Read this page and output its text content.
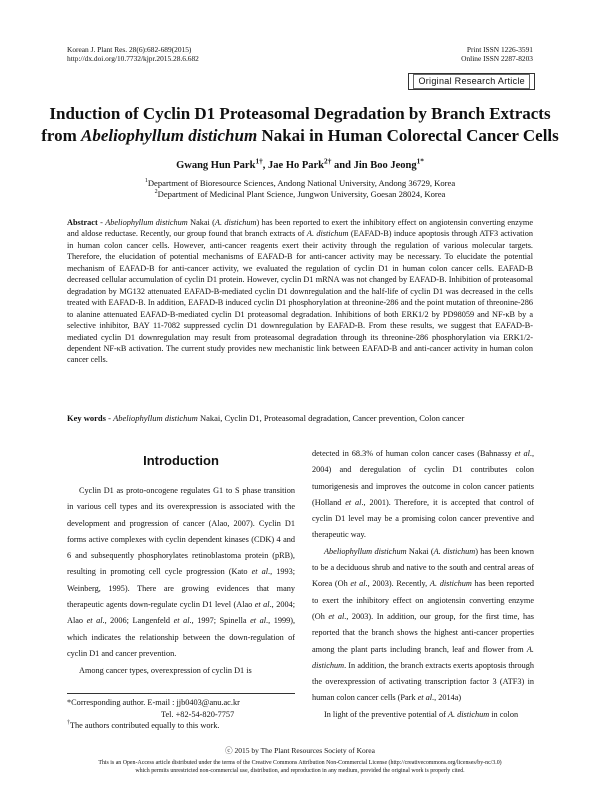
Korean J. Plant Res. 28(6):682-689(2015)
http://dx.doi.org/10.7732/kjpr.2015.28.6.682
Print ISSN 1226-3591
Online ISSN 2287-8203
Original Research Article
Induction of Cyclin D1 Proteasomal Degradation by Branch Extracts
from Abeliophyllum distichum Nakai in Human Colorectal Cancer Cells
Gwang Hun Park$^{1\dagger}$, Jae Ho Park$^{2\dagger}$ and Jin Boo Jeong$^{1*}$
$^1$Department of Bioresource Sciences, Andong National University, Andong 36729, Korea
$^2$Department of Medicinal Plant Science, Jungwon University, Goesan 28024, Korea
Abstract - Abeliophyllum distichum Nakai (A. distichum) has been reported to exert the inhibitory effect on angiotensin converting enzyme and aldose reductase. Recently, our group found that branch extracts of A. distichum (EAFAD-B) induce apoptosis through ATF3 activation in human colon cancer cells. However, anti-cancer reagents exert their activity through the regulation of various molecular targets. Therefore, the elucidation of potential mechanisms of EAFAD-B for anti-cancer activity may be necessary. To elucidate the potential mechanism of EAFAD-B for anti-cancer activity, we evaluated the regulation of cyclin D1 in human colon cancer cells. EAFAD-B decreased cellular accumulation of cyclin D1 protein. However, cyclin D1 mRNA was not changed by EAFAD-B. Inhibition of proteasomal degradation by MG132 attenuated EAFAD-B-mediated cyclin D1 downregulation and the half-life of cyclin D1 was decreased in the cells treated with EAFAD-B. In addition, EAFAD-B induced cyclin D1 phosphorylation at threonine-286 and the point mutation of threonine-286 to alanine attenuated EAFAD-B-mediated cyclin D1 proteasomal degradation. Inhibitions of both ERK1/2 by PD98059 and NF-κB by a selective inhibitor, BAY 11-7082 suppressed cyclin D1 downregulation by EAFAD-B. From these results, we suggest that EAFAD-B-mediated cyclin D1 downregulation may result from proteasomal degradation through its threonine-286 phosphorylation via ERK1/2-dependent NF-κB activation. The current study provides new mechanistic link between EAFAD-B and anti-cancer activity in human colon cancer cells.
Key words - Abeliophyllum distichum Nakai, Cyclin D1, Proteasomal degradation, Cancer prevention, Colon cancer
Introduction

Cyclin D1 as proto-oncogene regulates G1 to S phase transition in various cell types and its overexpression is associated with the development and progression of cancer (Alao, 2007). Cyclin D1 forms active complexes with cyclin dependent kinases (CDK) 4 and 6 and subsequently phosphorylates retinoblastoma protein (pRB), resulting in promoting cell cycle progression (Kato et al., 1993; Weinberg, 1995). There are growing evidences that many therapeutic agents down-regulate cyclin D1 level (Alao et al., 2004; Alao et al., 2006; Langenfeld et al., 1997; Spinella et al., 1999), which indicates the relationship between the down-regulation of cyclin D1 and cancer prevention.

Among cancer types, overexpression of cyclin D1 is

*Corresponding author. E-mail : jjb0403@anu.ac.kr
Tel. +82-54-820-7757
†The authors contributed equally to this work.

detected in 68.3% of human colon cancer cases (Bahnassy et al., 2004) and deregulation of cyclin D1 contributes colon tumorigenesis and improves the outcome in colon cancer patients (Holland et al., 2001). Therefore, it is accepted that control of cyclin D1 level may be a promising colon cancer preventive and therapeutic way.

Abeliophyllum distichum Nakai (A. distichum) has been known to be a deciduous shrub and native to the south and central areas of Korea (Oh et al., 2003). Recently, A. distichum has been reported to exert the inhibitory effect on angiotensin converting enzyme (Oh et al., 2003). In addition, our group, for the first time, has reported that the branch shows the highest anti-cancer properties among the plant parts including branch, leaf and flower from A. distichum. In addition, the branch extracts exerts apoptosis through the overexpression of activating transcription factor 3 (ATF3) in human colon cancer cells (Park et al., 2014a)

In light of the preventive potential of A. distichum in colon

ⓒ 2015 by The Plant Resources Society of Korea
This is an Open-Access article distributed under the terms of the Creative Commons Attribution Non-Commercial License (http://creativecommons.org/licenses/by-nc/3.0)
which permits unrestricted non-commercial use, distribution, and reproduction in any medium, provided the original work is properly cited.
